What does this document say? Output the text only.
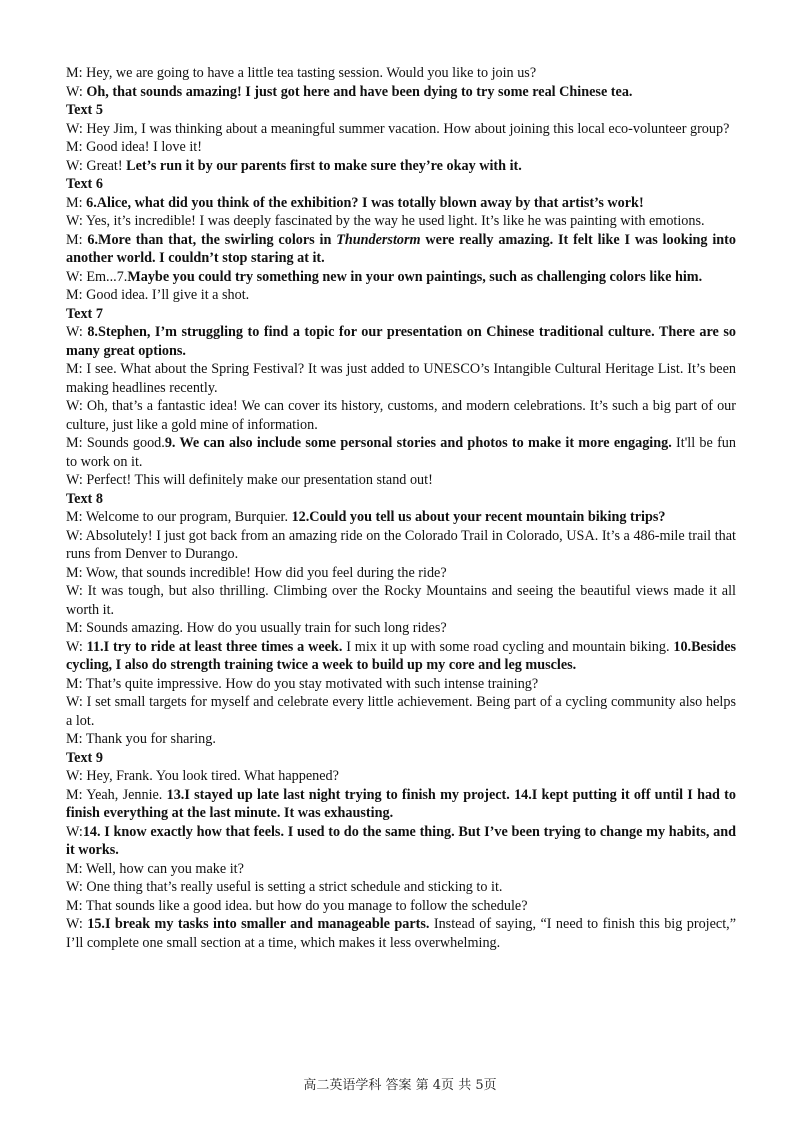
M: Hey, we are going to have a little tea tasting session. Would you like to join us?

W: Oh, that sounds amazing! I just got here and have been dying to try some real Chinese tea.

Text 5

W: Hey Jim, I was thinking about a meaningful summer vacation. How about joining this local eco-volunteer group?

M: Good idea! I love it!

W: Great! Let’s run it by our parents first to make sure they’re okay with it.

Text 6

M: 6.Alice, what did you think of the exhibition? I was totally blown away by that artist’s work!

W: Yes, it’s incredible! I was deeply fascinated by the way he used light. It’s like he was painting with emotions.

M: 6.More than that, the swirling colors in Thunderstorm were really amazing. It felt like I was looking into another world. I couldn’t stop staring at it.

W: Em...7.Maybe you could try something new in your own paintings, such as challenging colors like him.

M: Good idea. I’ll give it a shot.

Text 7

W: 8.Stephen, I’m struggling to find a topic for our presentation on Chinese traditional culture. There are so many great options.

M: I see. What about the Spring Festival? It was just added to UNESCO’s Intangible Cultural Heritage List. It’s been making headlines recently.

W: Oh, that’s a fantastic idea! We can cover its history, customs, and modern celebrations. It’s such a big part of our culture, just like a gold mine of information.

M: Sounds good.9. We can also include some personal stories and photos to make it more engaging. It'll be fun to work on it.

W: Perfect! This will definitely make our presentation stand out!

Text 8

M: Welcome to our program, Burquier. 12.Could you tell us about your recent mountain biking trips?

W: Absolutely! I just got back from an amazing ride on the Colorado Trail in Colorado, USA. It’s a 486-mile trail that runs from Denver to Durango.

M: Wow, that sounds incredible! How did you feel during the ride?

W: It was tough, but also thrilling. Climbing over the Rocky Mountains and seeing the beautiful views made it all worth it.

M: Sounds amazing. How do you usually train for such long rides?

W: 11.I try to ride at least three times a week. I mix it up with some road cycling and mountain biking. 10.Besides cycling, I also do strength training twice a week to build up my core and leg muscles.

M: That’s quite impressive. How do you stay motivated with such intense training?

W: I set small targets for myself and celebrate every little achievement. Being part of a cycling community also helps a lot.

M: Thank you for sharing.

Text 9

W: Hey, Frank. You look tired. What happened?

M: Yeah, Jennie. 13.I stayed up late last night trying to finish my project. 14.I kept putting it off until I had to finish everything at the last minute. It was exhausting.

W:14. I know exactly how that feels. I used to do the same thing. But I’ve been trying to change my habits, and it works.

M: Well, how can you make it?

W: One thing that’s really useful is setting a strict schedule and sticking to it.

M: That sounds like a good idea. but how do you manage to follow the schedule?

W: 15.I break my tasks into smaller and manageable parts. Instead of saying, “I need to finish this big project,” I’ll complete one small section at a time, which makes it less overwhelming.

高二英语学科 答案 第 4页 共 5页
